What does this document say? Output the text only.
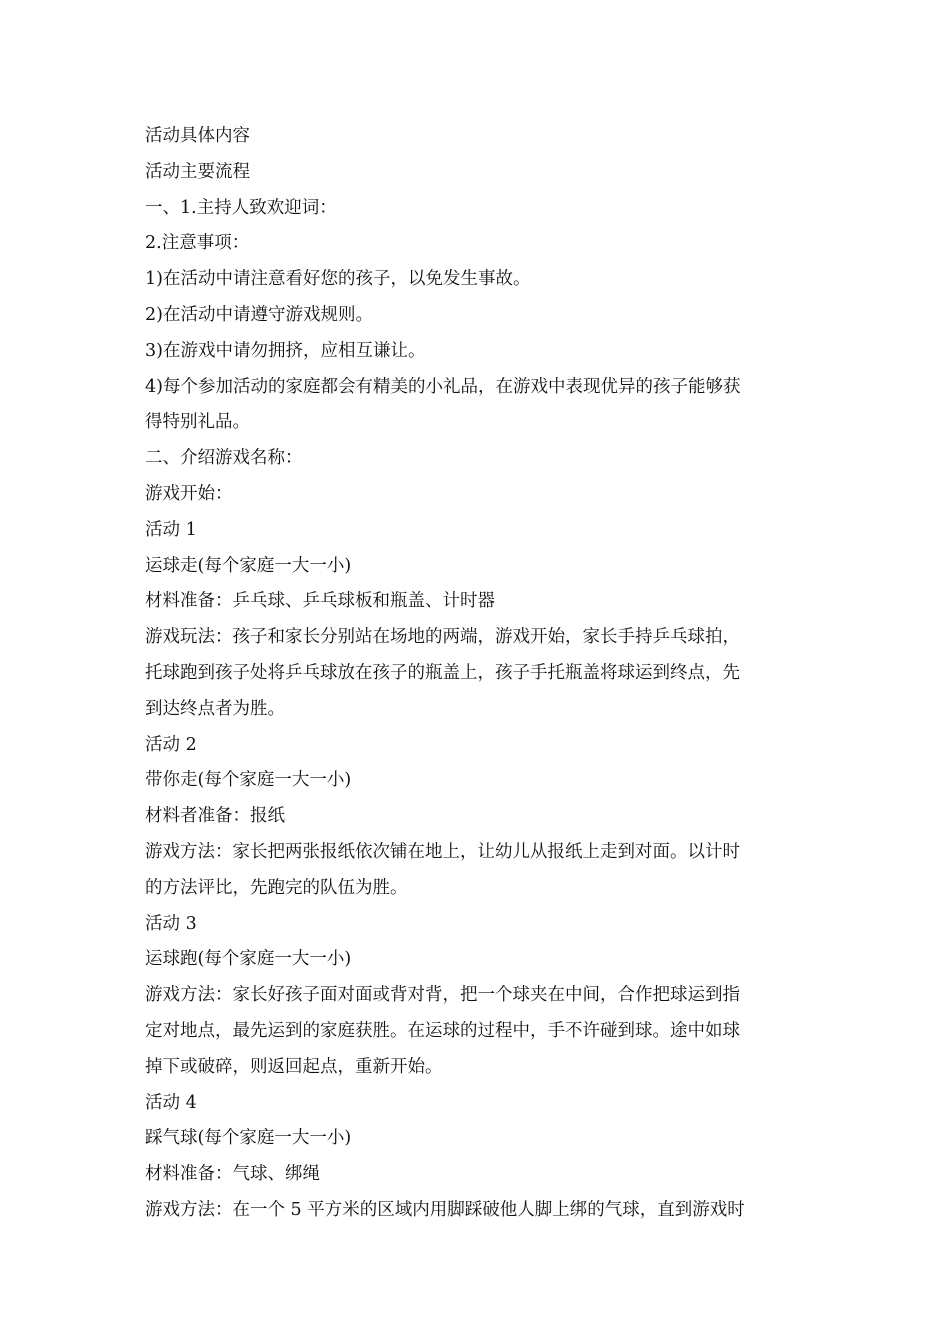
活动具体内容
活动主要流程
一、1.主持人致欢迎词：
2.注意事项：
1)在活动中请注意看好您的孩子，以免发生事故。
2)在活动中请遵守游戏规则。
3)在游戏中请勿拥挤，应相互谦让。
4)每个参加活动的家庭都会有精美的小礼品，在游戏中表现优异的孩子能够获
得特别礼品。
二、介绍游戏名称：
游戏开始：
活动 1
运球走(每个家庭一大一小)
材料准备：乒乓球、乒乓球板和瓶盖、计时器
游戏玩法：孩子和家长分别站在场地的两端，游戏开始，家长手持乒乓球拍，
托球跑到孩子处将乒乓球放在孩子的瓶盖上，孩子手托瓶盖将球运到终点，先
到达终点者为胜。
活动 2
带你走(每个家庭一大一小)
材料者准备：报纸
游戏方法：家长把两张报纸依次铺在地上，让幼儿从报纸上走到对面。以计时
的方法评比，先跑完的队伍为胜。
活动 3
运球跑(每个家庭一大一小)
游戏方法：家长好孩子面对面或背对背，把一个球夹在中间，合作把球运到指
定对地点，最先运到的家庭获胜。在运球的过程中，手不许碰到球。途中如球
掉下或破碎，则返回起点，重新开始。
活动 4
踩气球(每个家庭一大一小)
材料准备：气球、绑绳
游戏方法：在一个 5 平方米的区域内用脚踩破他人脚上绑的气球，直到游戏时
